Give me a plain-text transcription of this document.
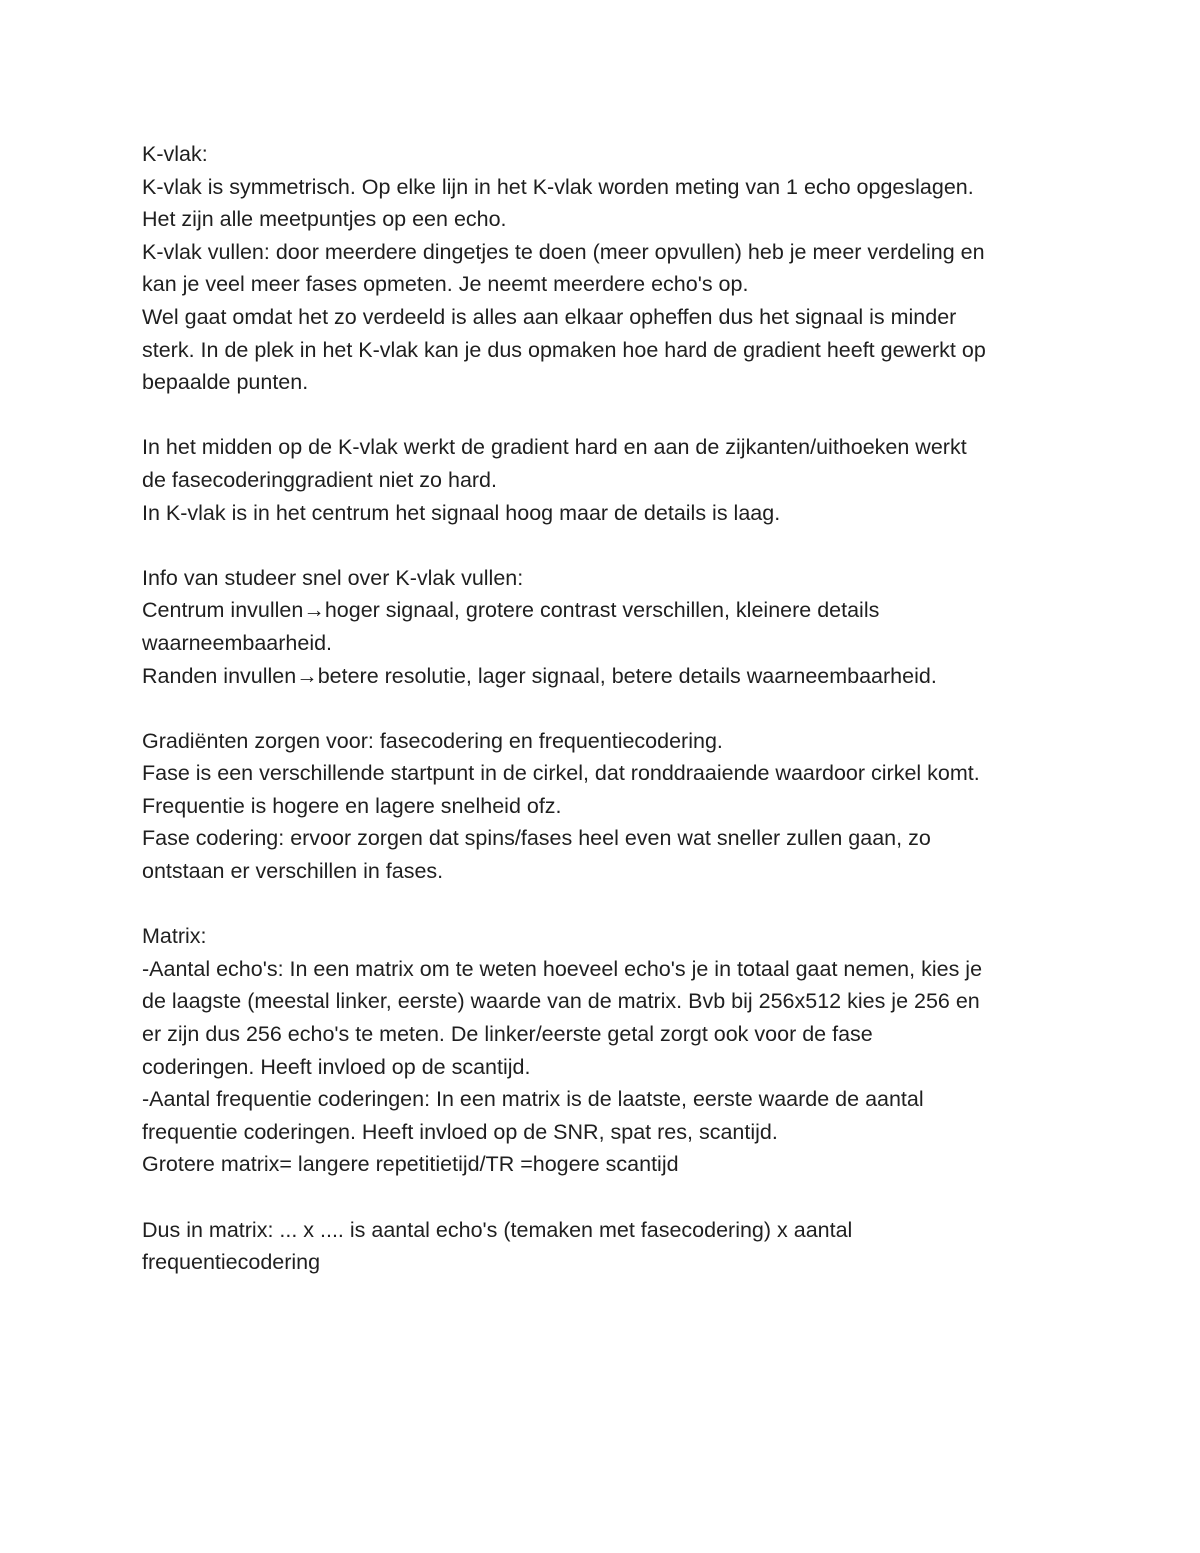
K-vlak:
K-vlak is symmetrisch. Op elke lijn in het K-vlak worden meting van 1 echo opgeslagen.
Het zijn alle meetpuntjes op een echo.
K-vlak vullen: door meerdere dingetjes te doen (meer opvullen) heb je meer verdeling en
kan je veel meer fases opmeten. Je neemt meerdere echo's op.
Wel gaat omdat het zo verdeeld is alles aan elkaar opheffen dus het signaal is minder
sterk. In de plek in het K-vlak kan je dus opmaken hoe hard de gradient heeft gewerkt op
bepaalde punten.
In het midden op de K-vlak werkt de gradient hard en aan de zijkanten/uithoeken werkt
de fasecoderinggradient niet zo hard.
In K-vlak is in het centrum het signaal hoog maar de details is laag.
Info van studeer snel over K-vlak vullen:
Centrum invullen→hoger signaal, grotere contrast verschillen, kleinere details
waarneembaarheid.
Randen invullen→betere resolutie, lager signaal, betere details waarneembaarheid.
Gradiënten zorgen voor: fasecodering en frequentiecodering.
Fase is een verschillende startpunt in de cirkel, dat ronddraaiende waardoor cirkel komt.
Frequentie is hogere en lagere snelheid ofz.
Fase codering: ervoor zorgen dat spins/fases heel even wat sneller zullen gaan, zo
ontstaan er verschillen in fases.
Matrix:
-Aantal echo's: In een matrix om te weten hoeveel echo's je in totaal gaat nemen, kies je
de laagste (meestal linker, eerste) waarde van de matrix. Bvb bij 256x512 kies je 256 en
er zijn dus 256 echo's te meten. De linker/eerste getal zorgt ook voor de fase
coderingen. Heeft invloed op de scantijd.
-Aantal frequentie coderingen: In een matrix is de laatste, eerste waarde de aantal
frequentie coderingen. Heeft invloed op de SNR, spat res, scantijd.
Grotere matrix= langere repetitietijd/TR =hogere scantijd
Dus in matrix: ... x .... is aantal echo's (temaken met fasecodering) x aantal
frequentiecodering
